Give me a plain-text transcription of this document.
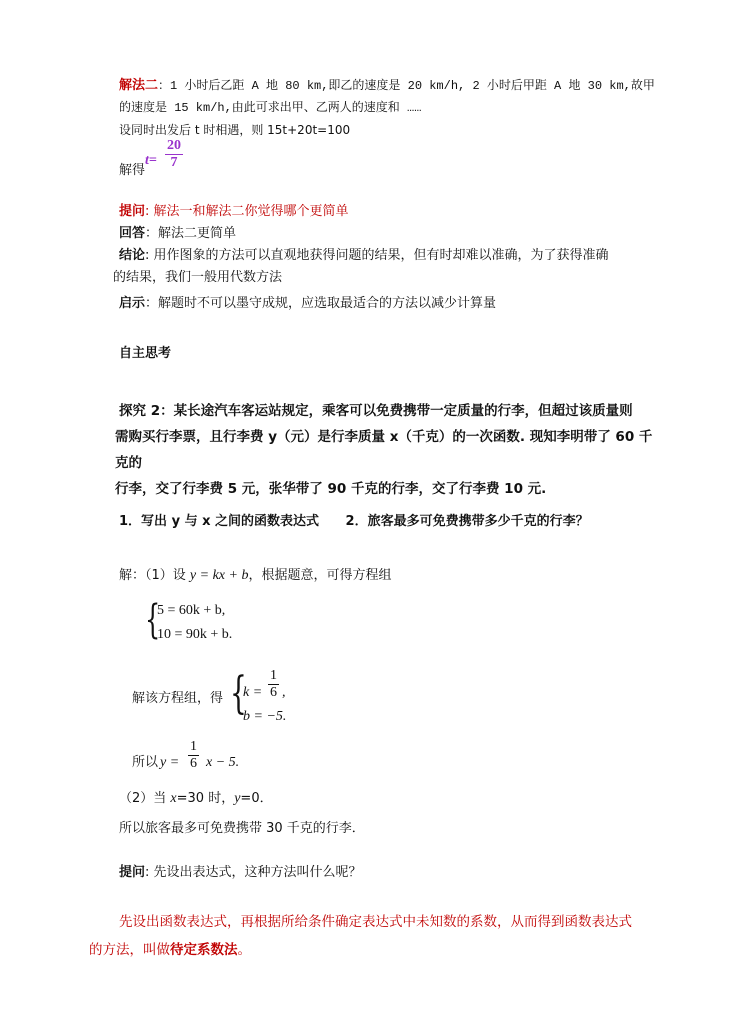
解法二：1 小时后乙距 A 地 80 km,即乙的速度是 20 km/h, 2 小时后甲距 A 地 30 km,故甲
的速度是 15 km/h,由此可求出甲、乙两人的速度和 ……
设同时出发后 t 时相遇，则 15t+20t=100
解得
$t= \frac{20}{7}$
提问: 解法一和解法二你觉得哪个更简单
回答：解法二更简单
结论: 用作图象的方法可以直观地获得问题的结果，但有时却难以准确，为了获得准确
的结果，我们一般用代数方法
启示：解题时不可以墨守成规，应选取最适合的方法以减少计算量
自主思考
探究 2：某长途汽车客运站规定，乘客可以免费携带一定质量的行李，但超过该质量则
需购买行李票，且行李费 y（元）是行李质量 x（千克）的一次函数. 现知李明带了 60 千克的
行李，交了行李费 5 元，张华带了 90 千克的行李，交了行李费 10 元.
1．写出 y 与 x 之间的函数表达式 2．旅客最多可免费携带多少千克的行李？
解：（1）设 y = kx + b，根据题意，可得方程组
{
5 = 60k + b,
10 = 90k + b.
解该方程组，得 {
$k = \frac{1}{6}$ ,
b = −5.
所以 $y = \frac{1}{6}$ x − 5.
（2）当 x=30 时，y=0．
所以旅客最多可免费携带 30 千克的行李．
提问: 先设出表达式，这种方法叫什么呢？
先设出函数表达式，再根据所给条件确定表达式中未知数的系数，从而得到函数表达式
的方法，叫做待定系数法。
